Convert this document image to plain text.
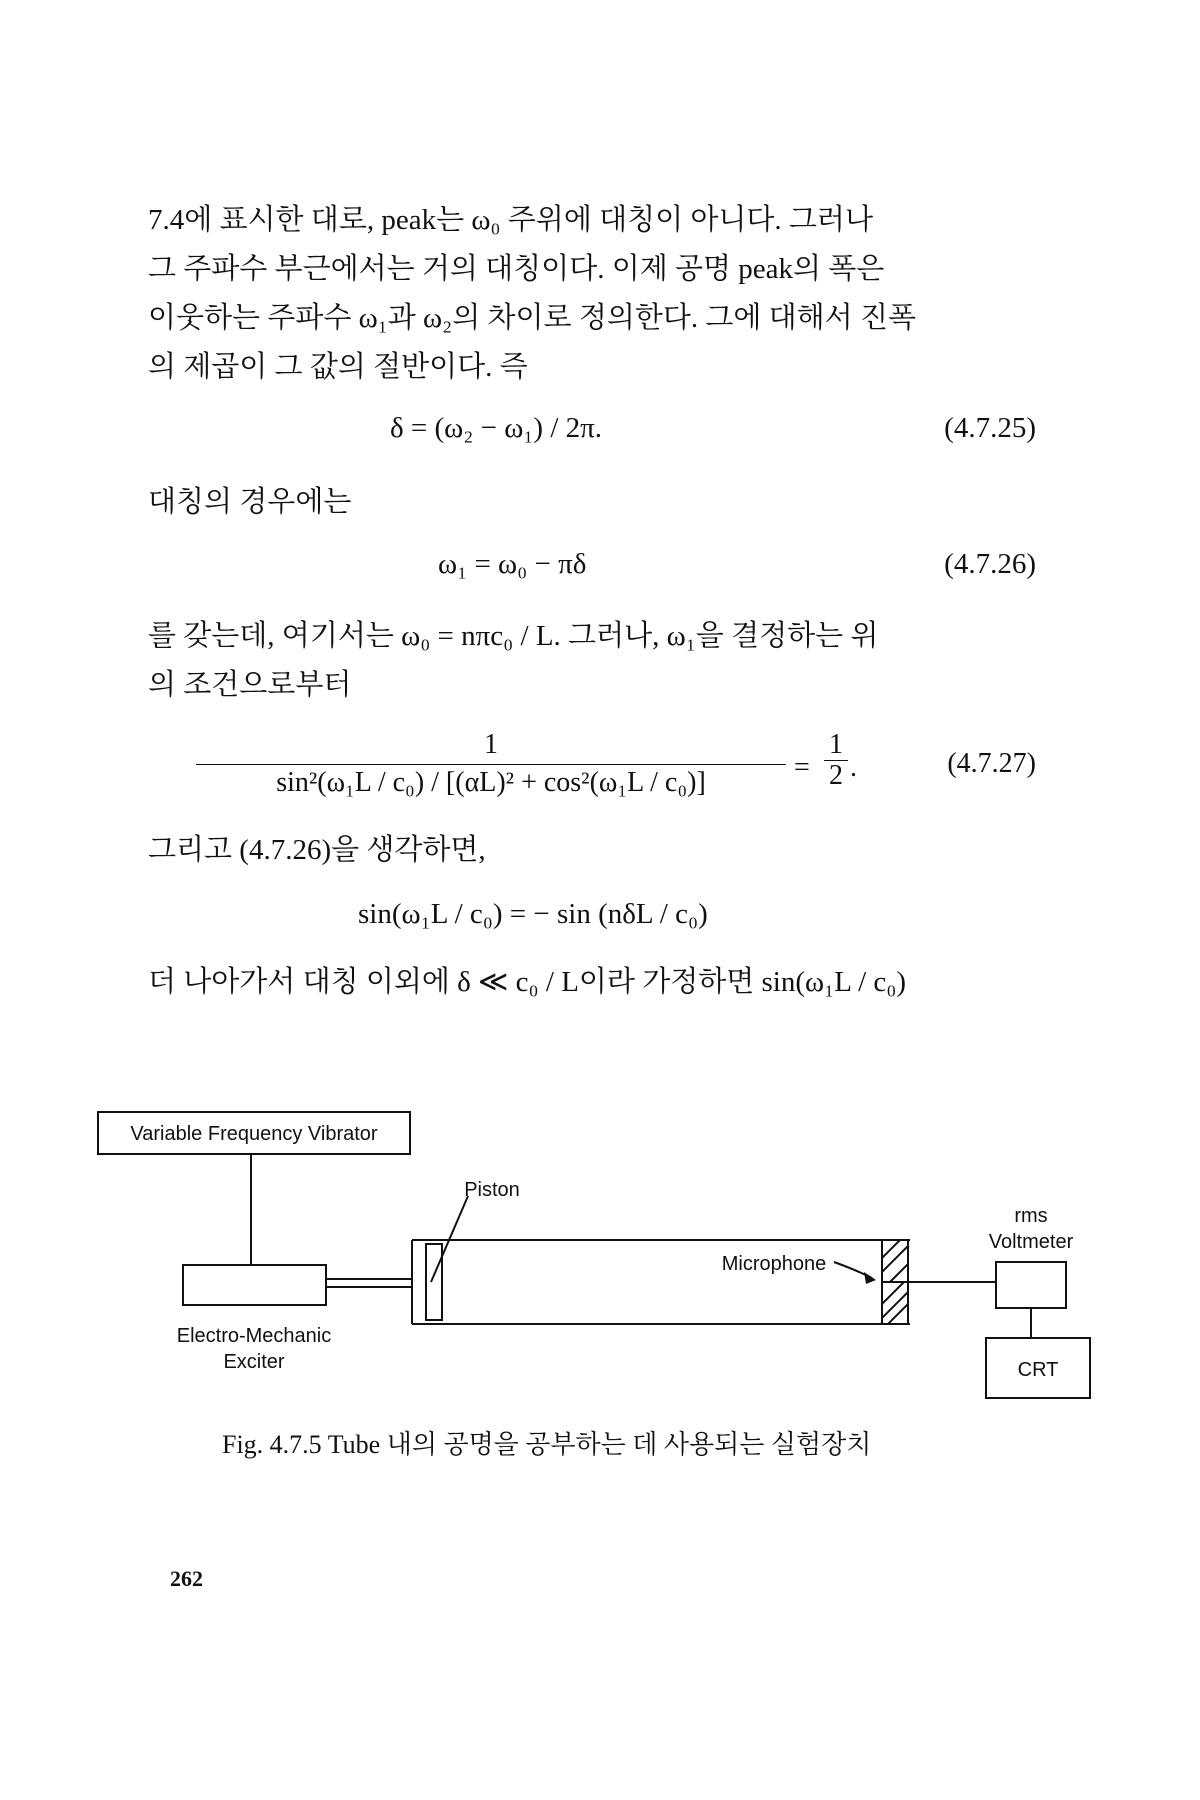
7.4에 표시한 대로, peak는 ω₀ 주위에 대칭이 아니다. 그러나
그 주파수 부근에서는 거의 대칭이다. 이제 공명 peak의 폭은
이웃하는 주파수 ω₁과 ω₂의 차이로 정의한다. 그에 대해서 진폭
의 제곱이 그 값의 절반이다. 즉
δ = (ω₂ − ω₁) / 2π.	(4.7.25)
대칭의 경우에는
ω₁ = ω₀ − πδ	(4.7.26)
를 갖는데, 여기서는 ω₀ = nπc₀ / L. 그러나, ω₁을 결정하는 위
의 조건으로부터
$\frac{1}{\text{sin²(ω₁L / c₀) / [(αL)² + cos²(ω₁L / c₀)]}} = \frac{1}{2}$ .	(4.7.27)
그리고 (4.7.26)을 생각하면,
sin(ω₁L / c₀) = − sin (nδL / c₀)
더 나아가서 대칭 이외에 δ ≪ c₀ / L이라 가정하면 sin(ω₁L / c₀)
Variable Frequency Vibrator
Piston
Electro-Mechanic
Exciter
Microphone
rms
Voltmeter
CRT
Fig. 4.7.5 Tube 내의 공명을 공부하는 데 사용되는 실험장치
262
